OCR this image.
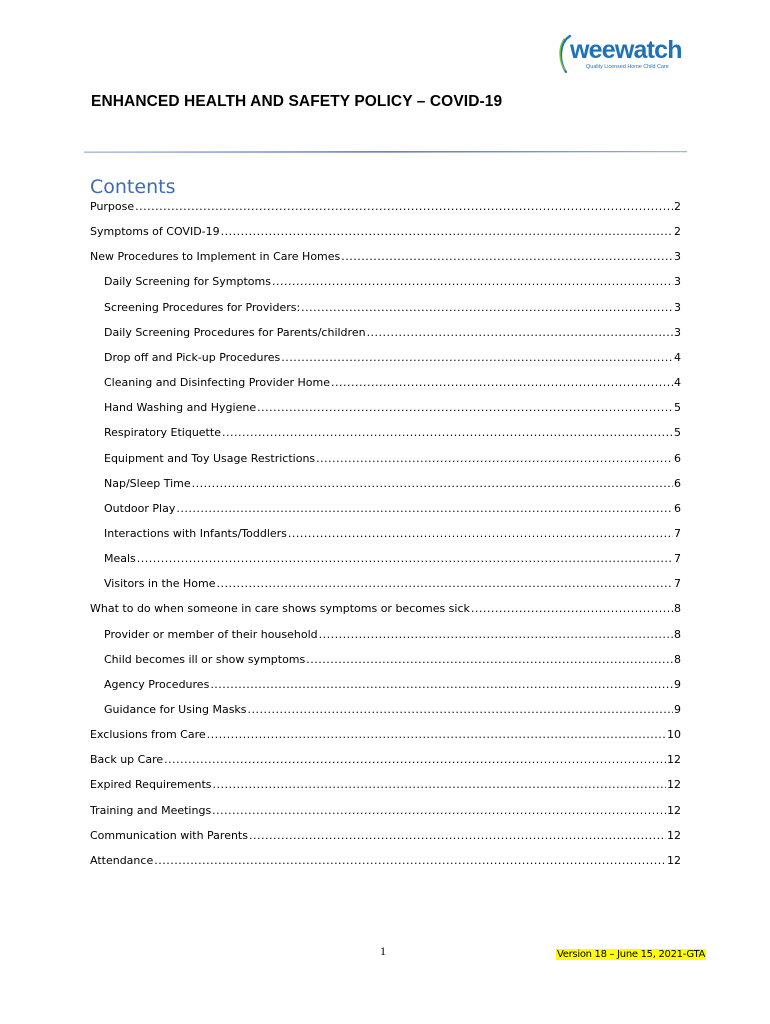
weewatch
Quality Licensed Home Child Care
ENHANCED HEALTH AND SAFETY POLICY – COVID-19
Contents
Purpose .....	2
Symptoms of COVID-19 .....	2
New Procedures to Implement in Care Homes .....	3
Daily Screening for Symptoms .....	3
Screening Procedures for Providers: .....	3
Daily Screening Procedures for Parents/children .....	3
Drop off and Pick-up Procedures .....	4
Cleaning and Disinfecting Provider Home .....	4
Hand Washing and Hygiene .....	5
Respiratory Etiquette .....	5
Equipment and Toy Usage Restrictions .....	6
Nap/Sleep Time .....	6
Outdoor Play .....	6
Interactions with Infants/Toddlers .....	7
Meals .....	7
Visitors in the Home .....	7
What to do when someone in care shows symptoms or becomes sick .....	8
Provider or member of their household .....	8
Child becomes ill or show symptoms .....	8
Agency Procedures .....	9
Guidance for Using Masks .....	9
Exclusions from Care .....	10
Back up Care .....	12
Expired Requirements .....	12
Training and Meetings .....	12
Communication with Parents .....	12
Attendance .....	12
1	Version 18 – June 15, 2021-GTA
